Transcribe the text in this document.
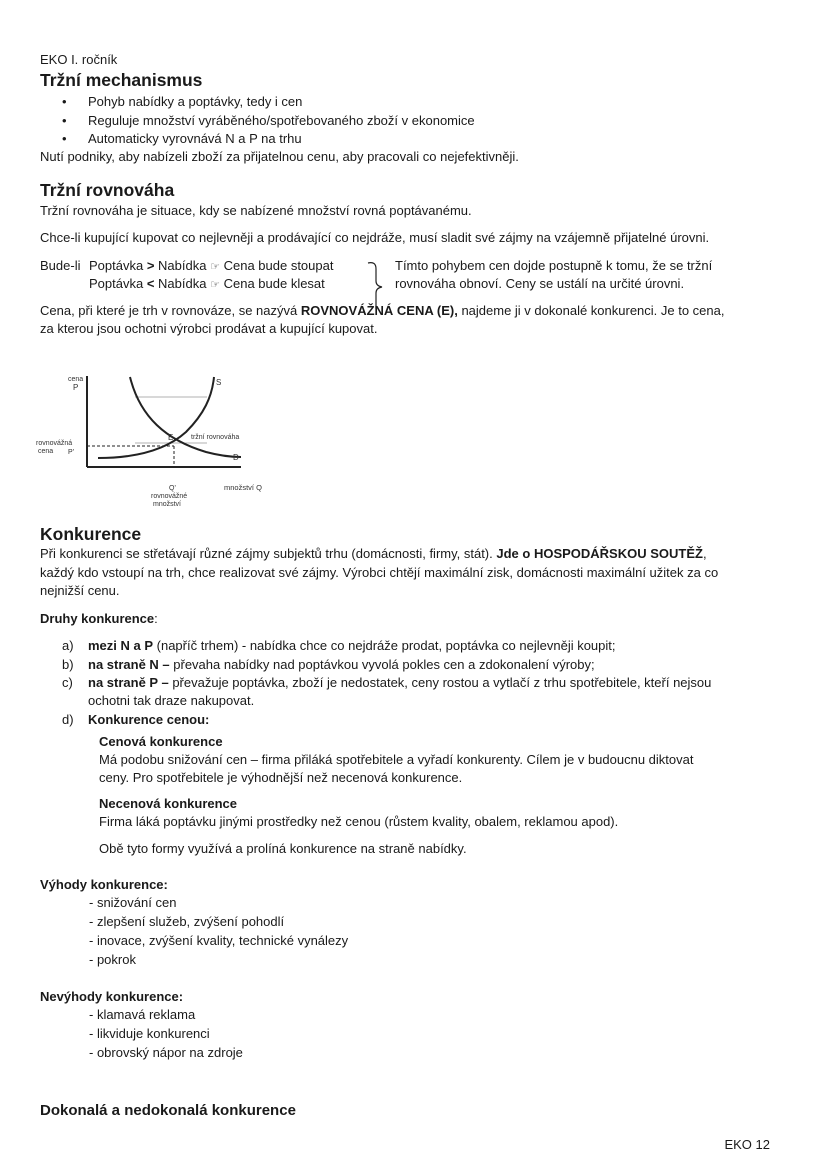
EKO I. ročník
Tržní mechanismus
• Pohyb nabídky a poptávky, tedy i cen
• Reguluje množství vyráběného/spotřebovaného zboží v ekonomice
• Automaticky vyrovnává N a P na trhu

Nutí podniky, aby nabízeli zboží za přijatelnou cenu, aby pracovali co nejefektivněji.

Tržní rovnováha

Tržní rovnováha je situace, kdy se nabízené množství rovná poptávanému.

Chce-li kupující kupovat co nejlevněji a prodávající co nejdráže, musí sladit své zájmy na vzájemně přijatelné úrovni.

Bude-li Poptávka > Nabídka ☞ Cena bude stoupat
Poptávka < Nabídka ☞ Cena bude klesat
Tímto pohybem cen dojde postupně k tomu, že se tržní
rovnováha obnoví. Ceny se ustálí na určité úrovni.

Cena, při které je trh v rovnováze, se nazývá ROVNOVÁŽNÁ CENA (E), najdeme ji v dokonalé konkurenci. Je to cena,

za kterou jsou ochotni výrobci prodávat a kupující kupovat.

cena
P
rovnovážná
cena P'
S
D
E	tržní rovnováha
množství Q
Q'
rovnovážné
množství
Konkurence

Při konkurenci se střetávají různé zájmy subjektů trhu (domácnosti, firmy, stát). Jde o HOSPODÁŘSKOU SOUTĚŽ,

každý kdo vstoupí na trh, chce realizovat své zájmy. Výrobci chtějí maximální zisk, domácnosti maximální užitek za co

nejnižší cenu.

Druhy konkurence:

a) mezi N a P (napříč trhem) - nabídka chce co nejdráže prodat, poptávka co nejlevněji koupit;
b) na straně N – převaha nabídky nad poptávkou vyvolá pokles cen a zdokonalení výroby;
c) na straně P – převažuje poptávka, zboží je nedostatek, ceny rostou a vytlačí z trhu spotřebitele, kteří nejsou
ochotni tak draze nakupovat.
d) Konkurence cenou:
Cenová konkurence

Má podobu snižování cen – firma přiláká spotřebitele a vyřadí konkurenty. Cílem je v budoucnu diktovat

ceny. Pro spotřebitele je výhodnější než necenová konkurence.

Necenová konkurence

Firma láká poptávku jinými prostředky než cenou (růstem kvality, obalem, reklamou apod).

Obě tyto formy využívá a prolíná konkurence na straně nabídky.

Výhody konkurence:
- snižování cen
- zlepšení služeb, zvýšení pohodlí
- inovace, zvýšení kvality, technické vynálezy
- pokrok
Nevýhody konkurence:
- klamavá reklama
- likviduje konkurenci
- obrovský nápor na zdroje
Dokonalá a nedokonalá konkurence
EKO 12
